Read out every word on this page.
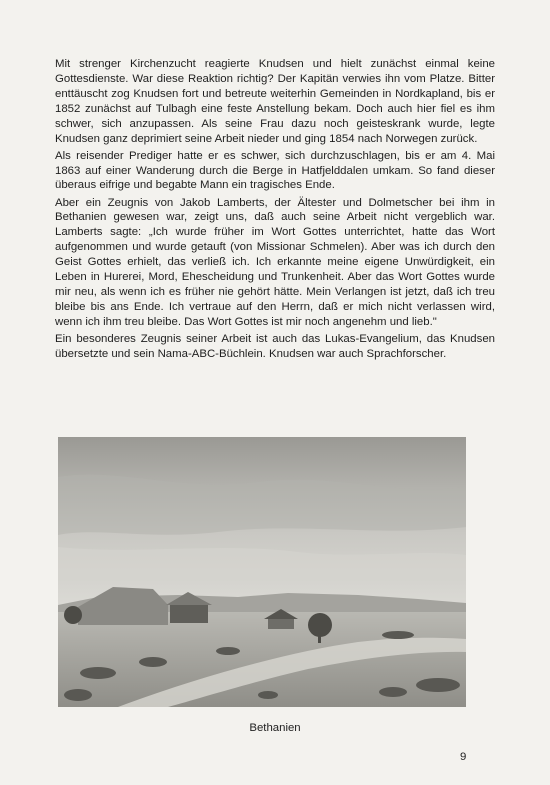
Mit strenger Kirchenzucht reagierte Knudsen und hielt zunächst einmal keine Gottesdienste. War diese Reaktion richtig? Der Kapitän verwies ihn vom Platze. Bitter enttäuscht zog Knudsen fort und betreute weiterhin Gemeinden in Nordkapland, bis er 1852 zunächst auf Tulbagh eine feste Anstellung bekam. Doch auch hier fiel es ihm schwer, sich anzupassen. Als seine Frau dazu noch geisteskrank wurde, legte Knudsen ganz deprimiert seine Arbeit nieder und ging 1854 nach Norwegen zurück.

Als reisender Prediger hatte er es schwer, sich durchzuschlagen, bis er am 4. Mai 1863 auf einer Wanderung durch die Berge in Hatfjelddalen umkam. So fand dieser überaus eifrige und begabte Mann ein tragisches Ende.

Aber ein Zeugnis von Jakob Lamberts, der Ältester und Dolmetscher bei ihm in Bethanien gewesen war, zeigt uns, daß auch seine Arbeit nicht vergeblich war. Lamberts sagte: „Ich wurde früher im Wort Gottes unterrichtet, hatte das Wort aufgenommen und wurde getauft (von Missionar Schmelen). Aber was ich durch den Geist Gottes erhielt, das verließ ich. Ich erkannte meine eigene Unwürdigkeit, ein Leben in Hurerei, Mord, Ehescheidung und Trunkenheit. Aber das Wort Gottes wurde mir neu, als wenn ich es früher nie gehört hätte. Mein Verlangen ist jetzt, daß ich treu bleibe bis ans Ende. Ich vertraue auf den Herrn, daß er mich nicht verlassen wird, wenn ich ihm treu bleibe. Das Wort Gottes ist mir noch angenehm und lieb."

Ein besonderes Zeugnis seiner Arbeit ist auch das Lukas-Evangelium, das Knudsen übersetzte und sein Nama-ABC-Büchlein. Knudsen war auch Sprachforscher.

Bethanien
9
